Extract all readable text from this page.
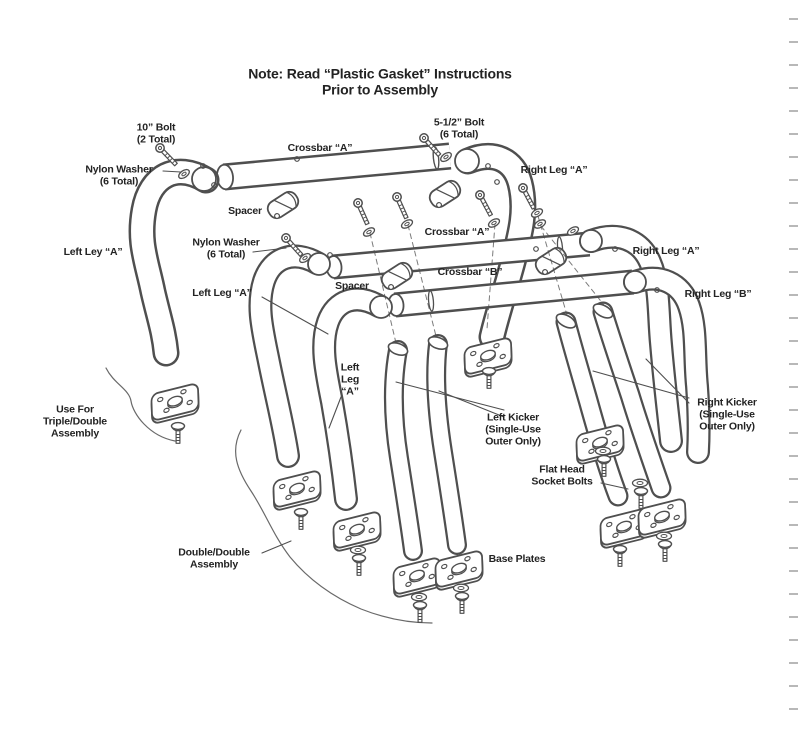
Note: Read “Plastic Gasket” Instructions
Prior to Assembly
10” Bolt
(2 Total)
Nylon Washer
(6 Total)
Crossbar “A”
5-1/2” Bolt
(6 Total)
Right Leg “A”
Spacer
Nylon Washer
(6 Total)
Crossbar “A”
Crossbar “B”
Spacer
Left Ley “A”
Left Leg “A”
Right Leg “A”
Right Leg “B”
Left
Leg
“A”
Left Kicker
(Single-Use
Outer Only)
Right Kicker
(Single-Use
Outer Only)
Flat Head
Socket Bolts
Base Plates
Use For
Triple/Double
Assembly
Double/Double
Assembly
